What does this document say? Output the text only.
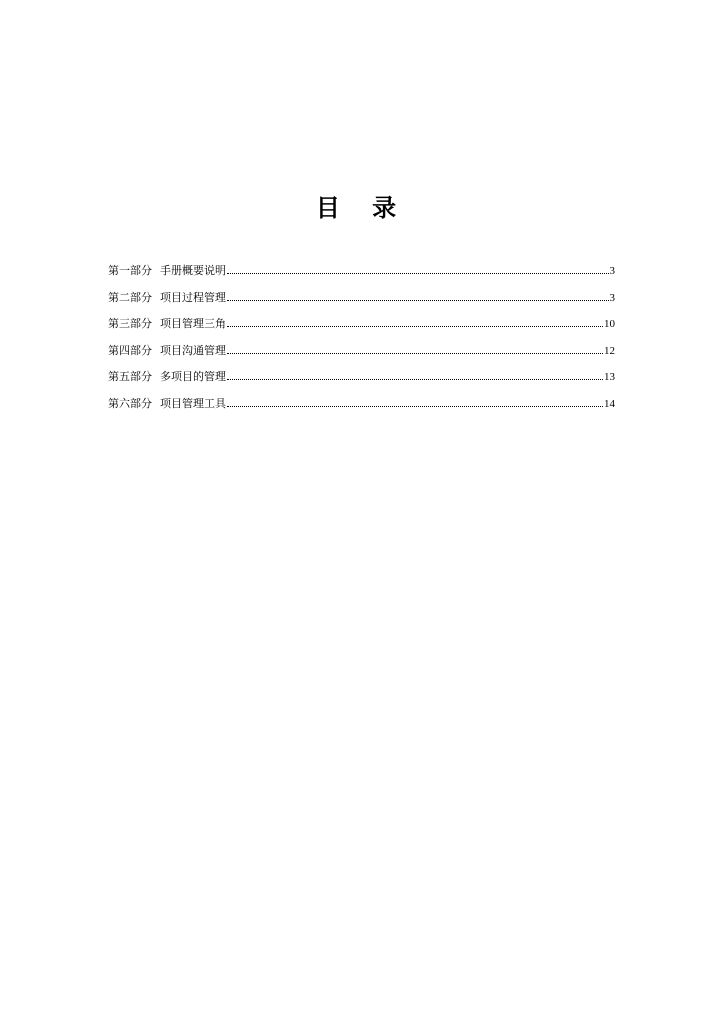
目 录
第一部分 手册概要说明	3
第二部分 项目过程管理	3
第三部分 项目管理三角	10
第四部分 项目沟通管理	12
第五部分 多项目的管理	13
第六部分 项目管理工具	14
